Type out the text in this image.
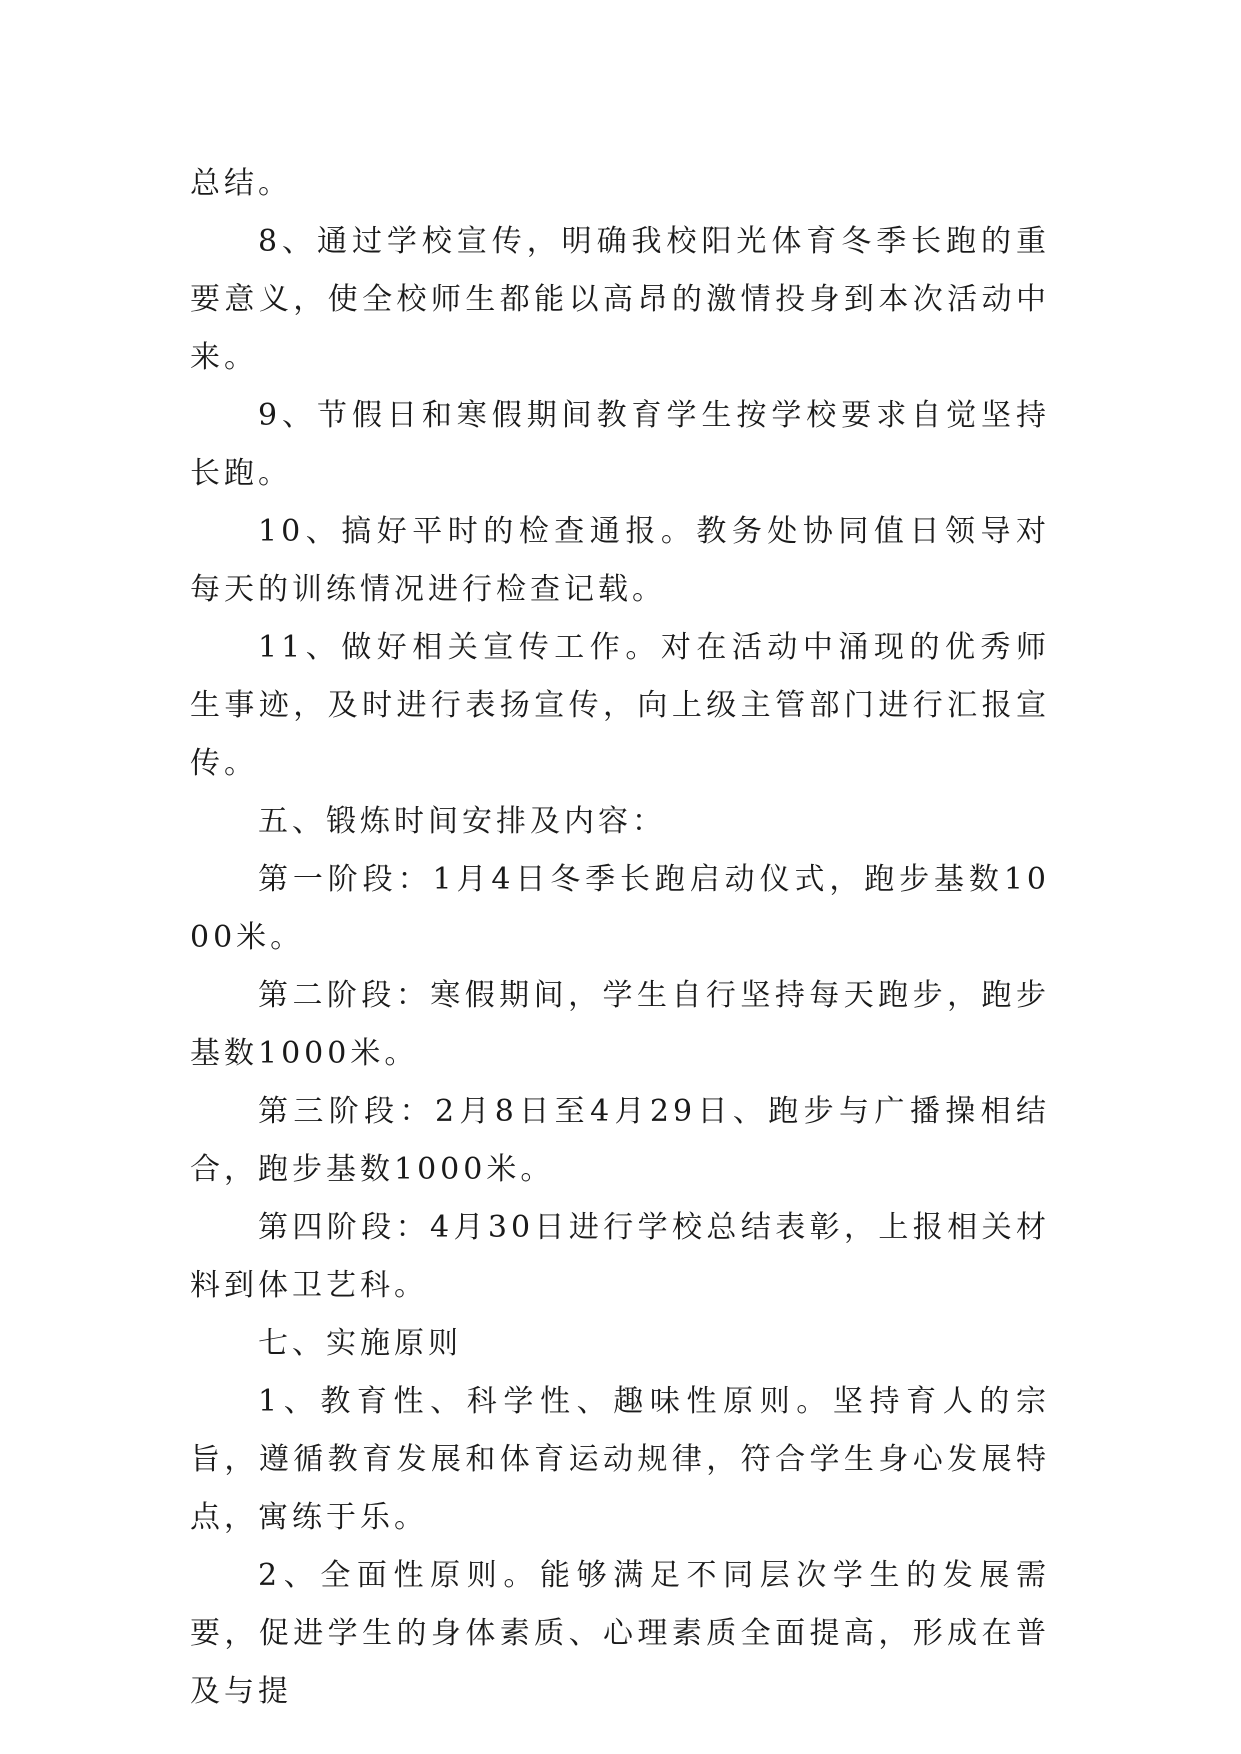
总结。

8、通过学校宣传，明确我校阳光体育冬季长跑的重要意义，使全校师生都能以高昂的激情投身到本次活动中来。

9、节假日和寒假期间教育学生按学校要求自觉坚持长跑。

10、搞好平时的检查通报。教务处协同值日领导对每天的训练情况进行检查记载。

11、做好相关宣传工作。对在活动中涌现的优秀师生事迹，及时进行表扬宣传，向上级主管部门进行汇报宣传。

五、锻炼时间安排及内容：

第一阶段：1月4日冬季长跑启动仪式，跑步基数1000米。

第二阶段：寒假期间，学生自行坚持每天跑步，跑步基数1000米。

第三阶段：2月8日至4月29日、跑步与广播操相结合，跑步基数1000米。

第四阶段：4月30日进行学校总结表彰，上报相关材料到体卫艺科。

七、实施原则

1、教育性、科学性、趣味性原则。坚持育人的宗旨，遵循教育发展和体育运动规律，符合学生身心发展特点，寓练于乐。

2、全面性原则。能够满足不同层次学生的发展需要，促进学生的身体素质、心理素质全面提高，形成在普及与提
